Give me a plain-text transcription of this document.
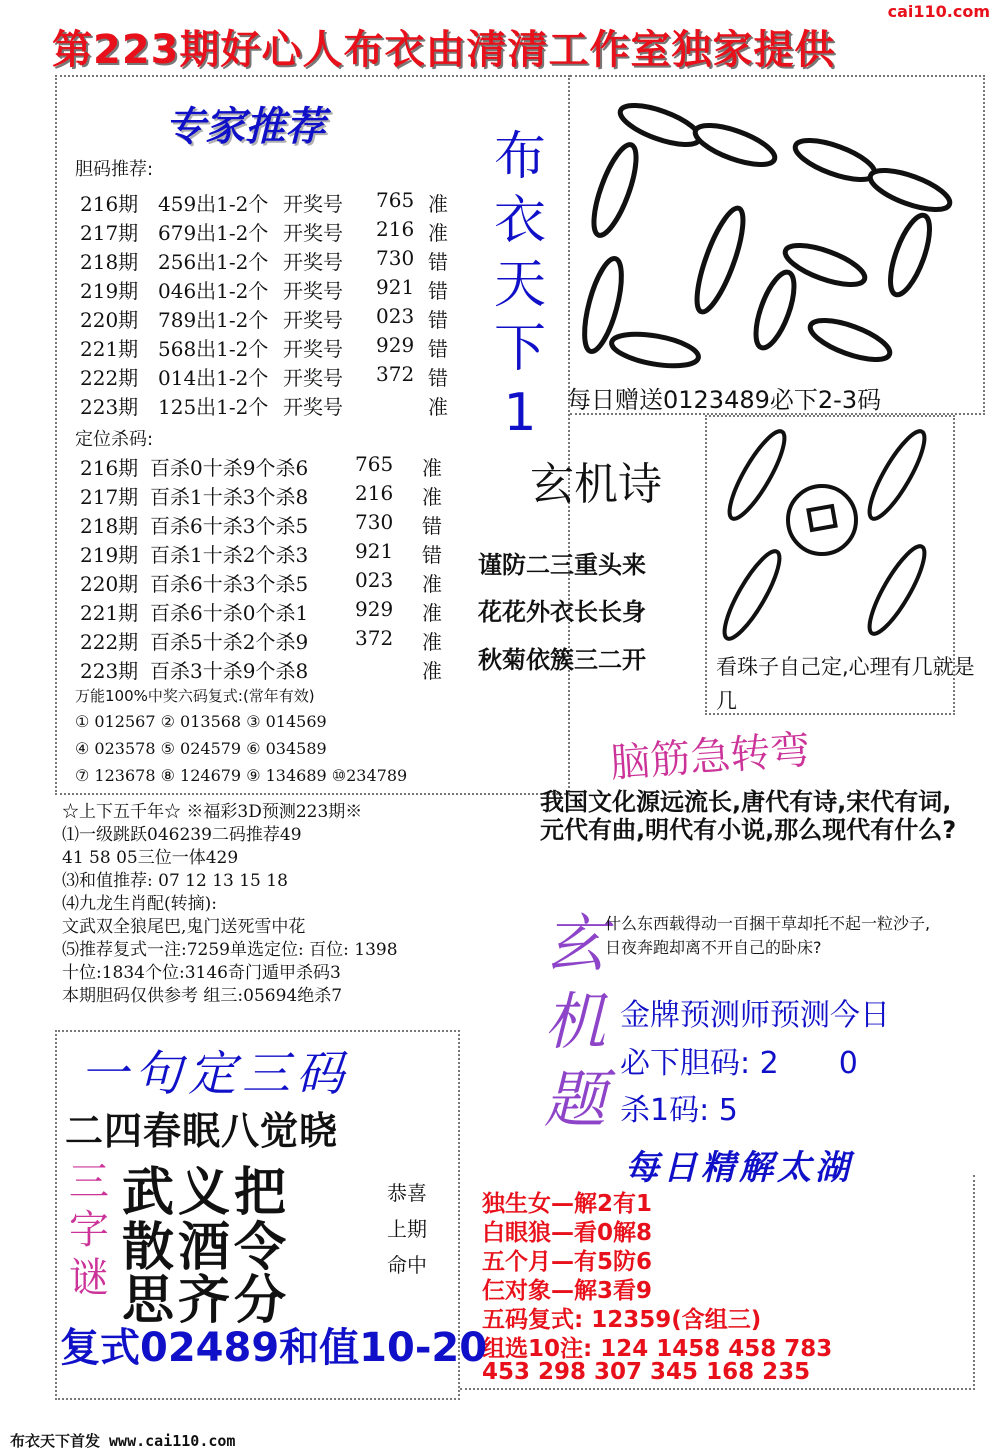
第223期好心人布衣由清清工作室独家提供
cai110.com
专家推荐
胆码推荐:
216期 459出1-2个 开奖号 765 准
217期 679出1-2个 开奖号 216 准
218期 256出1-2个 开奖号 730 错
219期 046出1-2个 开奖号 921 错
220期 789出1-2个 开奖号 023 错
221期 568出1-2个 开奖号 929 错
222期 014出1-2个 开奖号 372 错
223期 125出1-2个 开奖号	准
定位杀码:
216期 百杀0十杀9个杀6 765 准
217期 百杀1十杀3个杀8 216 准
218期 百杀6十杀3个杀5 730 错
219期 百杀1十杀2个杀3 921 错
220期 百杀6十杀3个杀5 023 准
221期 百杀6十杀0个杀1 929 准
222期 百杀5十杀2个杀9 372 准
223期 百杀3十杀9个杀8	准
万能100%中奖六码复式:(常年有效)
① 012567 ② 013568 ③ 014569
④ 023578 ⑤ 024579 ⑥ 034589
⑦ 123678 ⑧ 124679 ⑨ 134689 ⑩234789
☆上下五千年☆ ※福彩3D预测223期※
⑴一级跳跃046239二码推荐49
41 58 05三位一体429
⑶和值推荐: 07 12 13 15 18
⑷九龙生肖配(转摘):
文武双全狼尾巴,鬼门送死雪中花
⑸推荐复式一注:7259单选定位: 百位: 1398
十位:1834个位:3146奇门遁甲杀码3
本期胆码仅供参考 组三:05694绝杀7
布
衣
天
下
1	每日赠送0123489必下2-3码
玄机诗
谨防二三重头来
花花外衣长长身
秋菊依簇三二开	看珠子自己定,心理有几就是几
脑筋急转弯
我国文化源远流长,唐代有诗,宋代有词,元代有曲,明代有小说,那么现代有什么?
玄
机
题
什么东西载得动一百捆干草却托不起一粒沙子,日夜奔跑却离不开自己的卧床?
金牌预测师预测今日
必下胆码: 2　　0
杀1码: 5
每日精解太湖
独生女—解2有1
白眼狼—看0解8
五个月—有5防6
仨对象—解3看9
五码复式: 12359(含组三)
组选10注: 124 1458 458 783
453 298 307 345 168 235
一句定三码
二四春眠八觉晓
三
字
谜
武义把
散酒令
思齐分
恭喜
上期
命中
复式02489和值10-20
布衣天下首发 www.cai110.com
